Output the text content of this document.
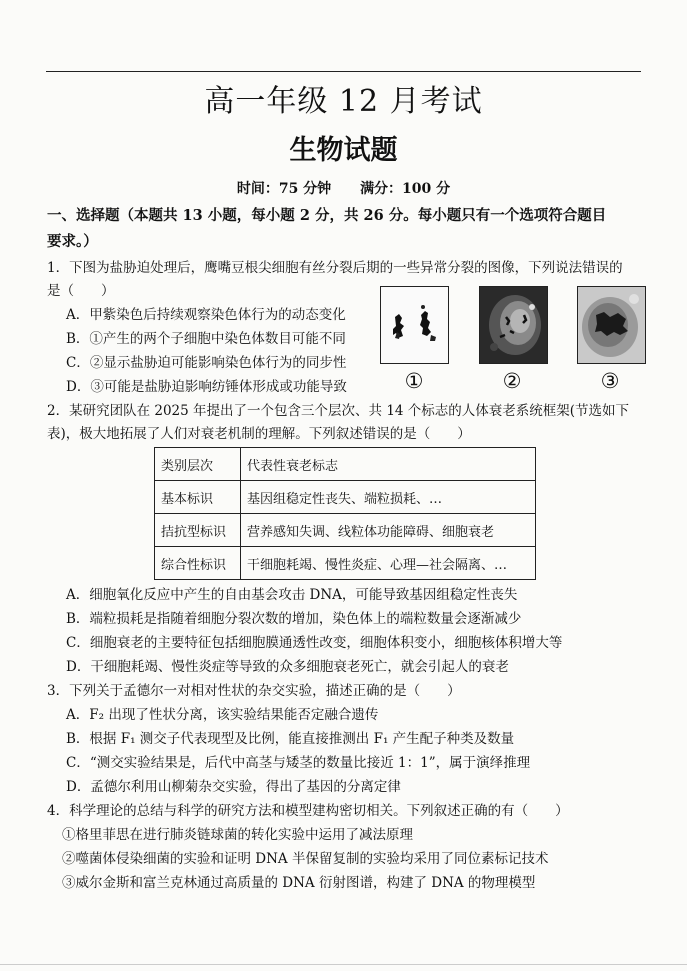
高一年级 12 月考试
生物试题
时间：75 分钟 满分：100 分
一、选择题（本题共 13 小题，每小题 2 分，共 26 分。每小题只有一个选项符合题目
要求。）
1．下图为盐胁迫处理后，鹰嘴豆根尖细胞有丝分裂后期的一些异常分裂的图像，下列说法错误的
是（　　）
A．甲紫染色后持续观察染色体行为的动态变化
B．①产生的两个子细胞中染色体数目可能不同
C．②显示盐胁迫可能影响染色体行为的同步性
D．③可能是盐胁迫影响纺锤体形成或功能导致	①	②	③
2．某研究团队在 2025 年提出了一个包含三个层次、共 14 个标志的人体衰老系统框架(节选如下
表)，极大地拓展了人们对衰老机制的理解。下列叙述错误的是（　　）
类别层次	代表性衰老标志
基本标识	基因组稳定性丧失、端粒损耗、…
拮抗型标识	营养感知失调、线粒体功能障碍、细胞衰老
综合性标识	干细胞耗竭、慢性炎症、心理—社会隔离、…
A．细胞氧化反应中产生的自由基会攻击 DNA，可能导致基因组稳定性丧失
B．端粒损耗是指随着细胞分裂次数的增加，染色体上的端粒数量会逐渐减少
C．细胞衰老的主要特征包括细胞膜通透性改变，细胞体积变小，细胞核体积增大等
D．干细胞耗竭、慢性炎症等导致的众多细胞衰老死亡，就会引起人的衰老
3．下列关于孟德尔一对相对性状的杂交实验，描述正确的是（　　）
A．F₂ 出现了性状分离，该实验结果能否定融合遗传
B．根据 F₁ 测交子代表现型及比例，能直接推测出 F₁ 产生配子种类及数量
C．“测交实验结果是，后代中高茎与矮茎的数量比接近 1：1”，属于演绎推理
D．孟德尔利用山柳菊杂交实验，得出了基因的分离定律
4．科学理论的总结与科学的研究方法和模型建构密切相关。下列叙述正确的有（　　）
①格里菲思在进行肺炎链球菌的转化实验中运用了减法原理
②噬菌体侵染细菌的实验和证明 DNA 半保留复制的实验均采用了同位素标记技术
③威尔金斯和富兰克林通过高质量的 DNA 衍射图谱，构建了 DNA 的物理模型
